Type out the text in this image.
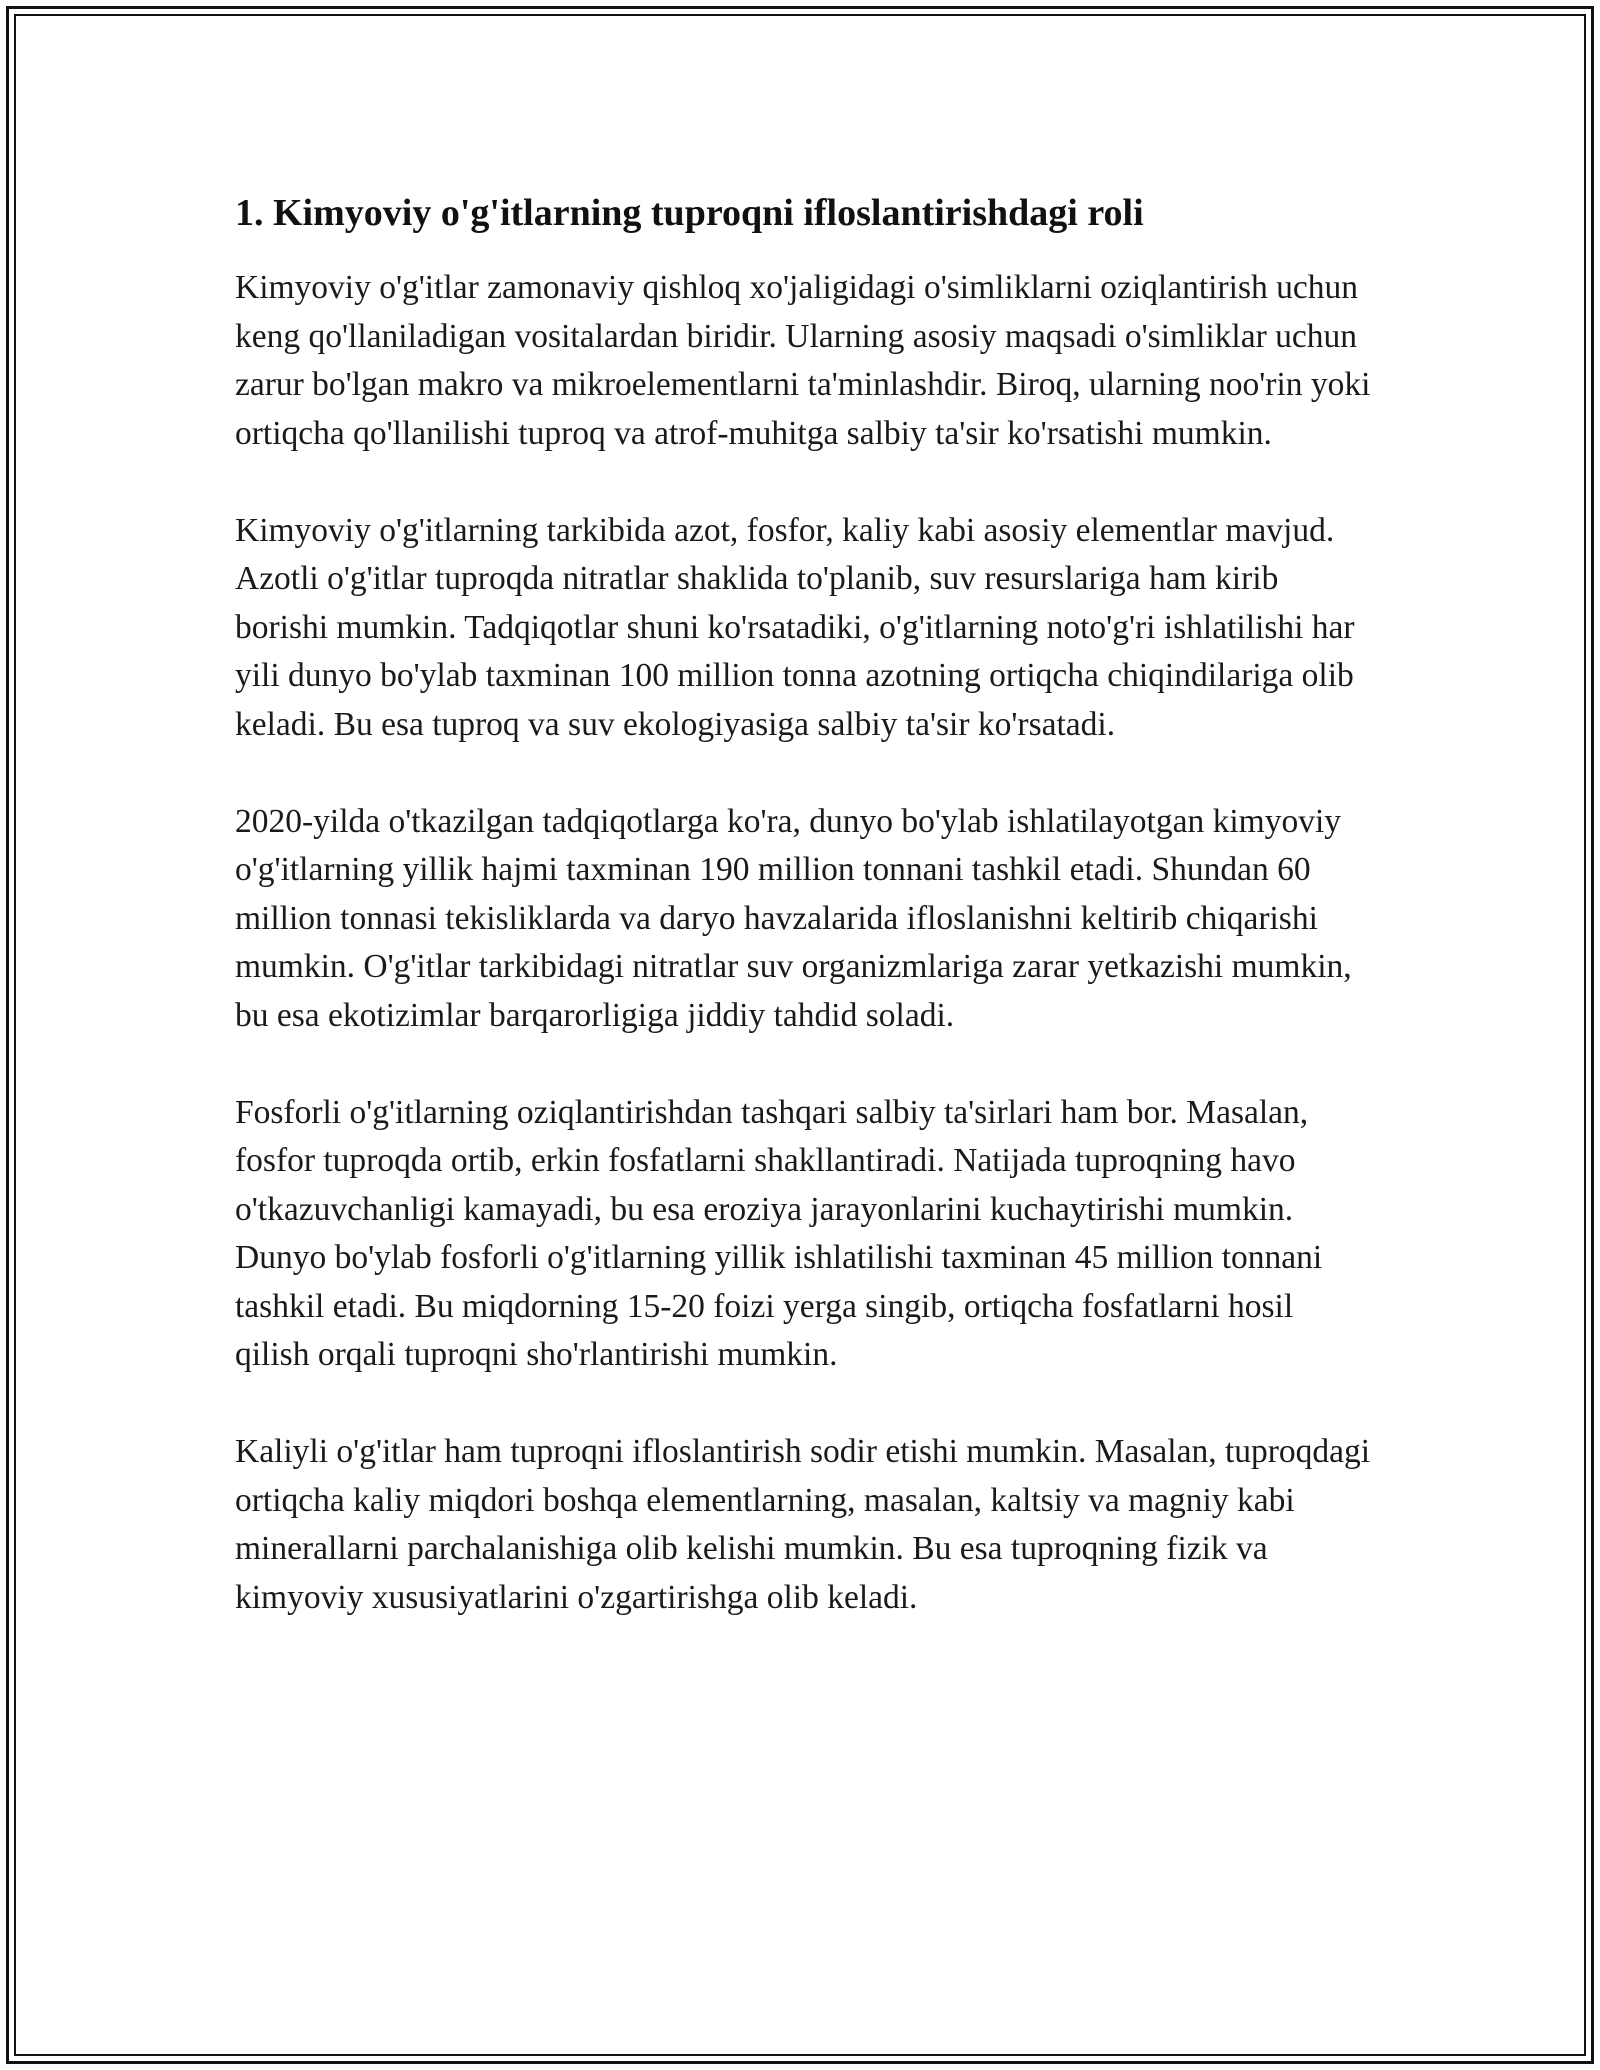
1. Kimyoviy o'g'itlarning tuproqni ifloslantirishdagi roli

Kimyoviy o'g'itlar zamonaviy qishloq xo'jaligidagi o'simliklarni oziqlantirish uchun keng qo'llaniladigan vositalardan biridir. Ularning asosiy maqsadi o'simliklar uchun zarur bo'lgan makro va mikroelementlarni ta'minlashdir. Biroq, ularning noo'rin yoki ortiqcha qo'llanilishi tuproq va atrof-muhitga salbiy ta'sir ko'rsatishi mumkin.

Kimyoviy o'g'itlarning tarkibida azot, fosfor, kaliy kabi asosiy elementlar mavjud. Azotli o'g'itlar tuproqda nitratlar shaklida to'planib, suv resurslariga ham kirib borishi mumkin. Tadqiqotlar shuni ko'rsatadiki, o'g'itlarning noto'g'ri ishlatilishi har yili dunyo bo'ylab taxminan 100 million tonna azotning ortiqcha chiqindilariga olib keladi. Bu esa tuproq va suv ekologiyasiga salbiy ta'sir ko'rsatadi.

2020-yilda o'tkazilgan tadqiqotlarga ko'ra, dunyo bo'ylab ishlatilayotgan kimyoviy o'g'itlarning yillik hajmi taxminan 190 million tonnani tashkil etadi. Shundan 60 million tonnasi tekisliklarda va daryo havzalarida ifloslanishni keltirib chiqarishi mumkin. O'g'itlar tarkibidagi nitratlar suv organizmlariga zarar yetkazishi mumkin, bu esa ekotizimlar barqarorligiga jiddiy tahdid soladi.

Fosforli o'g'itlarning oziqlantirishdan tashqari salbiy ta'sirlari ham bor. Masalan, fosfor tuproqda ortib, erkin fosfatlarni shakllantiradi. Natijada tuproqning havo o'tkazuvchanligi kamayadi, bu esa eroziya jarayonlarini kuchaytirishi mumkin. Dunyo bo'ylab fosforli o'g'itlarning yillik ishlatilishi taxminan 45 million tonnani tashkil etadi. Bu miqdorning 15-20 foizi yerga singib, ortiqcha fosfatlarni hosil qilish orqali tuproqni sho'rlantirishi mumkin.

Kaliyli o'g'itlar ham tuproqni ifloslantirish sodir etishi mumkin. Masalan, tuproqdagi ortiqcha kaliy miqdori boshqa elementlarning, masalan, kaltsiy va magniy kabi minerallarni parchalanishiga olib kelishi mumkin. Bu esa tuproqning fizik va kimyoviy xususiyatlarini o'zgartirishga olib keladi.
